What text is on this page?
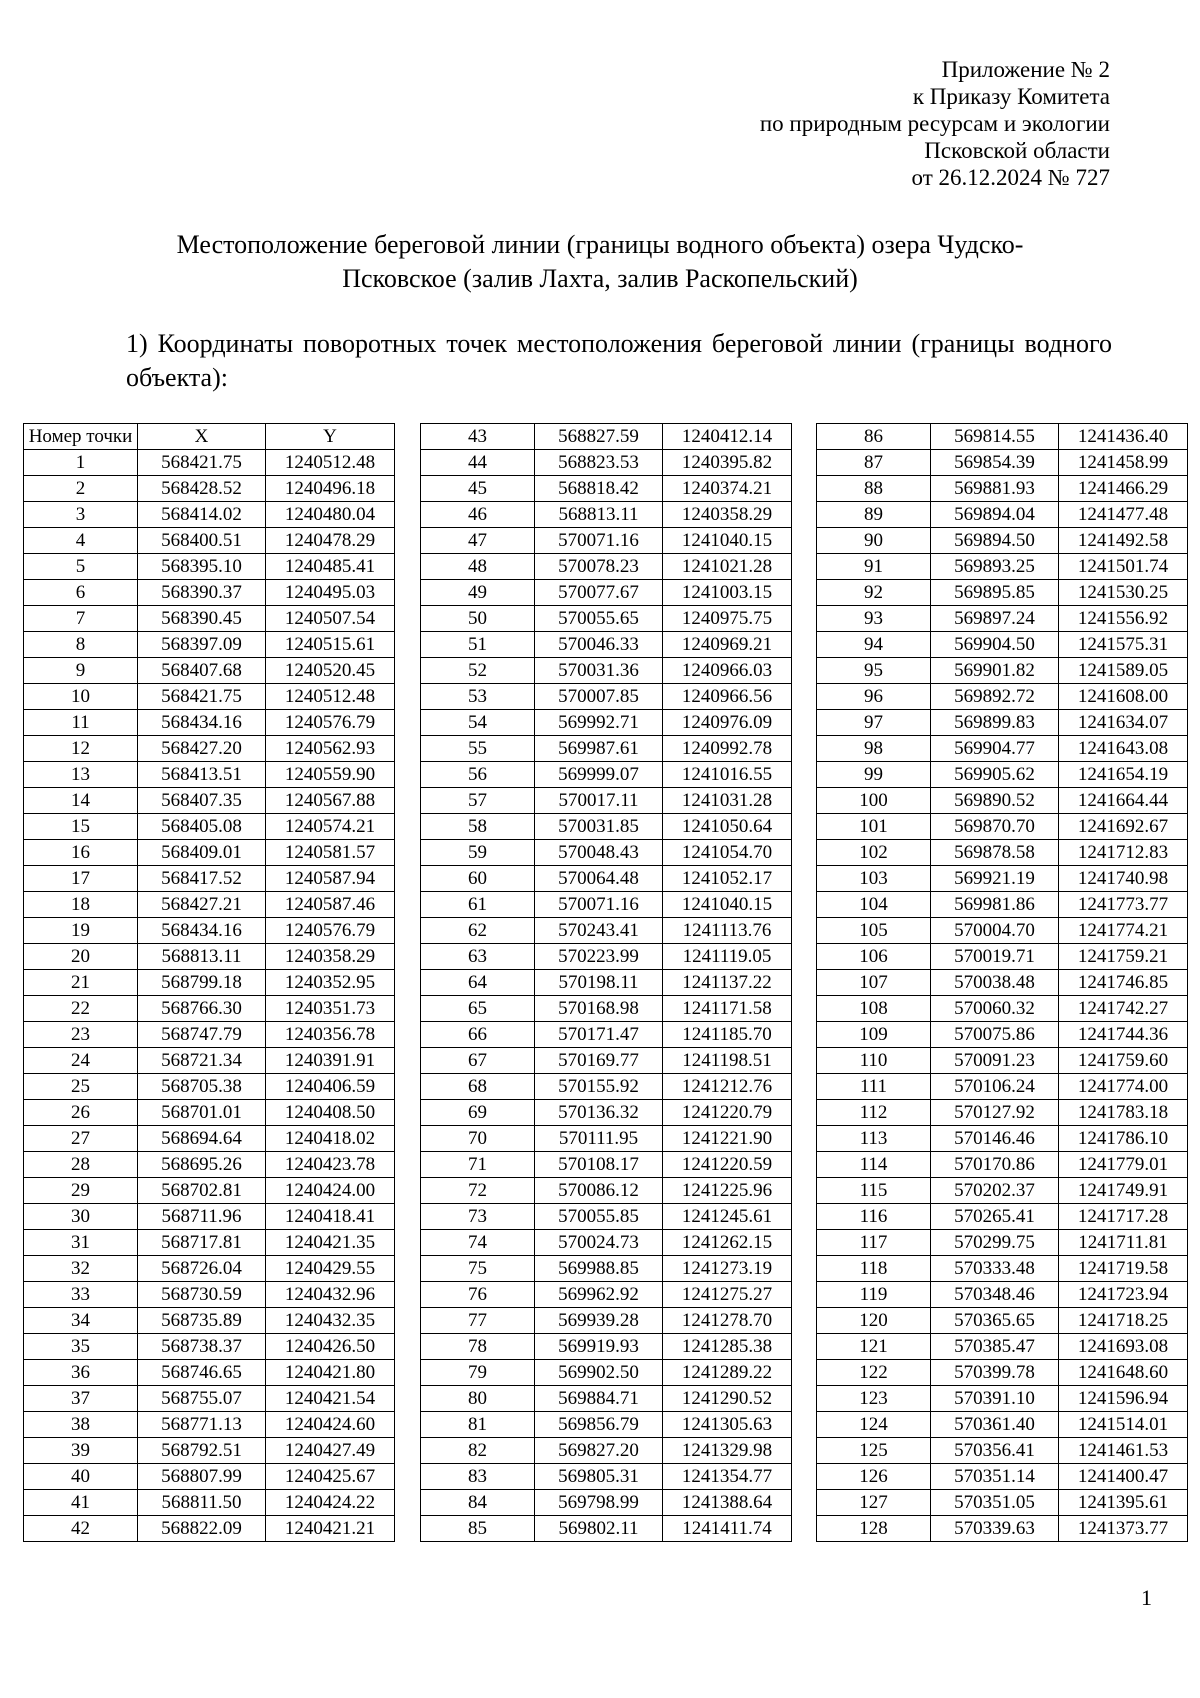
Приложение № 2
к Приказу Комитета
по природным ресурсам и экологии
Псковской области
от 26.12.2024 № 727
Местоположение береговой линии (границы водного объекта) озера Чудско-
Псковское (залив Лахта, залив Раскопельский)
1) Координаты поворотных точек местоположения береговой линии (границы водного объекта):
Номер точки	X	Y
1	568421.75	1240512.48
2	568428.52	1240496.18
3	568414.02	1240480.04
4	568400.51	1240478.29
5	568395.10	1240485.41
6	568390.37	1240495.03
7	568390.45	1240507.54
8	568397.09	1240515.61
9	568407.68	1240520.45
10	568421.75	1240512.48
11	568434.16	1240576.79
12	568427.20	1240562.93
13	568413.51	1240559.90
14	568407.35	1240567.88
15	568405.08	1240574.21
16	568409.01	1240581.57
17	568417.52	1240587.94
18	568427.21	1240587.46
19	568434.16	1240576.79
20	568813.11	1240358.29
21	568799.18	1240352.95
22	568766.30	1240351.73
23	568747.79	1240356.78
24	568721.34	1240391.91
25	568705.38	1240406.59
26	568701.01	1240408.50
27	568694.64	1240418.02
28	568695.26	1240423.78
29	568702.81	1240424.00
30	568711.96	1240418.41
31	568717.81	1240421.35
32	568726.04	1240429.55
33	568730.59	1240432.96
34	568735.89	1240432.35
35	568738.37	1240426.50
36	568746.65	1240421.80
37	568755.07	1240421.54
38	568771.13	1240424.60
39	568792.51	1240427.49
40	568807.99	1240425.67
41	568811.50	1240424.22
42	568822.09	1240421.21
43	568827.59	1240412.14
44	568823.53	1240395.82
45	568818.42	1240374.21
46	568813.11	1240358.29
47	570071.16	1241040.15
48	570078.23	1241021.28
49	570077.67	1241003.15
50	570055.65	1240975.75
51	570046.33	1240969.21
52	570031.36	1240966.03
53	570007.85	1240966.56
54	569992.71	1240976.09
55	569987.61	1240992.78
56	569999.07	1241016.55
57	570017.11	1241031.28
58	570031.85	1241050.64
59	570048.43	1241054.70
60	570064.48	1241052.17
61	570071.16	1241040.15
62	570243.41	1241113.76
63	570223.99	1241119.05
64	570198.11	1241137.22
65	570168.98	1241171.58
66	570171.47	1241185.70
67	570169.77	1241198.51
68	570155.92	1241212.76
69	570136.32	1241220.79
70	570111.95	1241221.90
71	570108.17	1241220.59
72	570086.12	1241225.96
73	570055.85	1241245.61
74	570024.73	1241262.15
75	569988.85	1241273.19
76	569962.92	1241275.27
77	569939.28	1241278.70
78	569919.93	1241285.38
79	569902.50	1241289.22
80	569884.71	1241290.52
81	569856.79	1241305.63
82	569827.20	1241329.98
83	569805.31	1241354.77
84	569798.99	1241388.64
85	569802.11	1241411.74
86	569814.55	1241436.40
87	569854.39	1241458.99
88	569881.93	1241466.29
89	569894.04	1241477.48
90	569894.50	1241492.58
91	569893.25	1241501.74
92	569895.85	1241530.25
93	569897.24	1241556.92
94	569904.50	1241575.31
95	569901.82	1241589.05
96	569892.72	1241608.00
97	569899.83	1241634.07
98	569904.77	1241643.08
99	569905.62	1241654.19
100	569890.52	1241664.44
101	569870.70	1241692.67
102	569878.58	1241712.83
103	569921.19	1241740.98
104	569981.86	1241773.77
105	570004.70	1241774.21
106	570019.71	1241759.21
107	570038.48	1241746.85
108	570060.32	1241742.27
109	570075.86	1241744.36
110	570091.23	1241759.60
111	570106.24	1241774.00
112	570127.92	1241783.18
113	570146.46	1241786.10
114	570170.86	1241779.01
115	570202.37	1241749.91
116	570265.41	1241717.28
117	570299.75	1241711.81
118	570333.48	1241719.58
119	570348.46	1241723.94
120	570365.65	1241718.25
121	570385.47	1241693.08
122	570399.78	1241648.60
123	570391.10	1241596.94
124	570361.40	1241514.01
125	570356.41	1241461.53
126	570351.14	1241400.47
127	570351.05	1241395.61
128	570339.63	1241373.77
1
